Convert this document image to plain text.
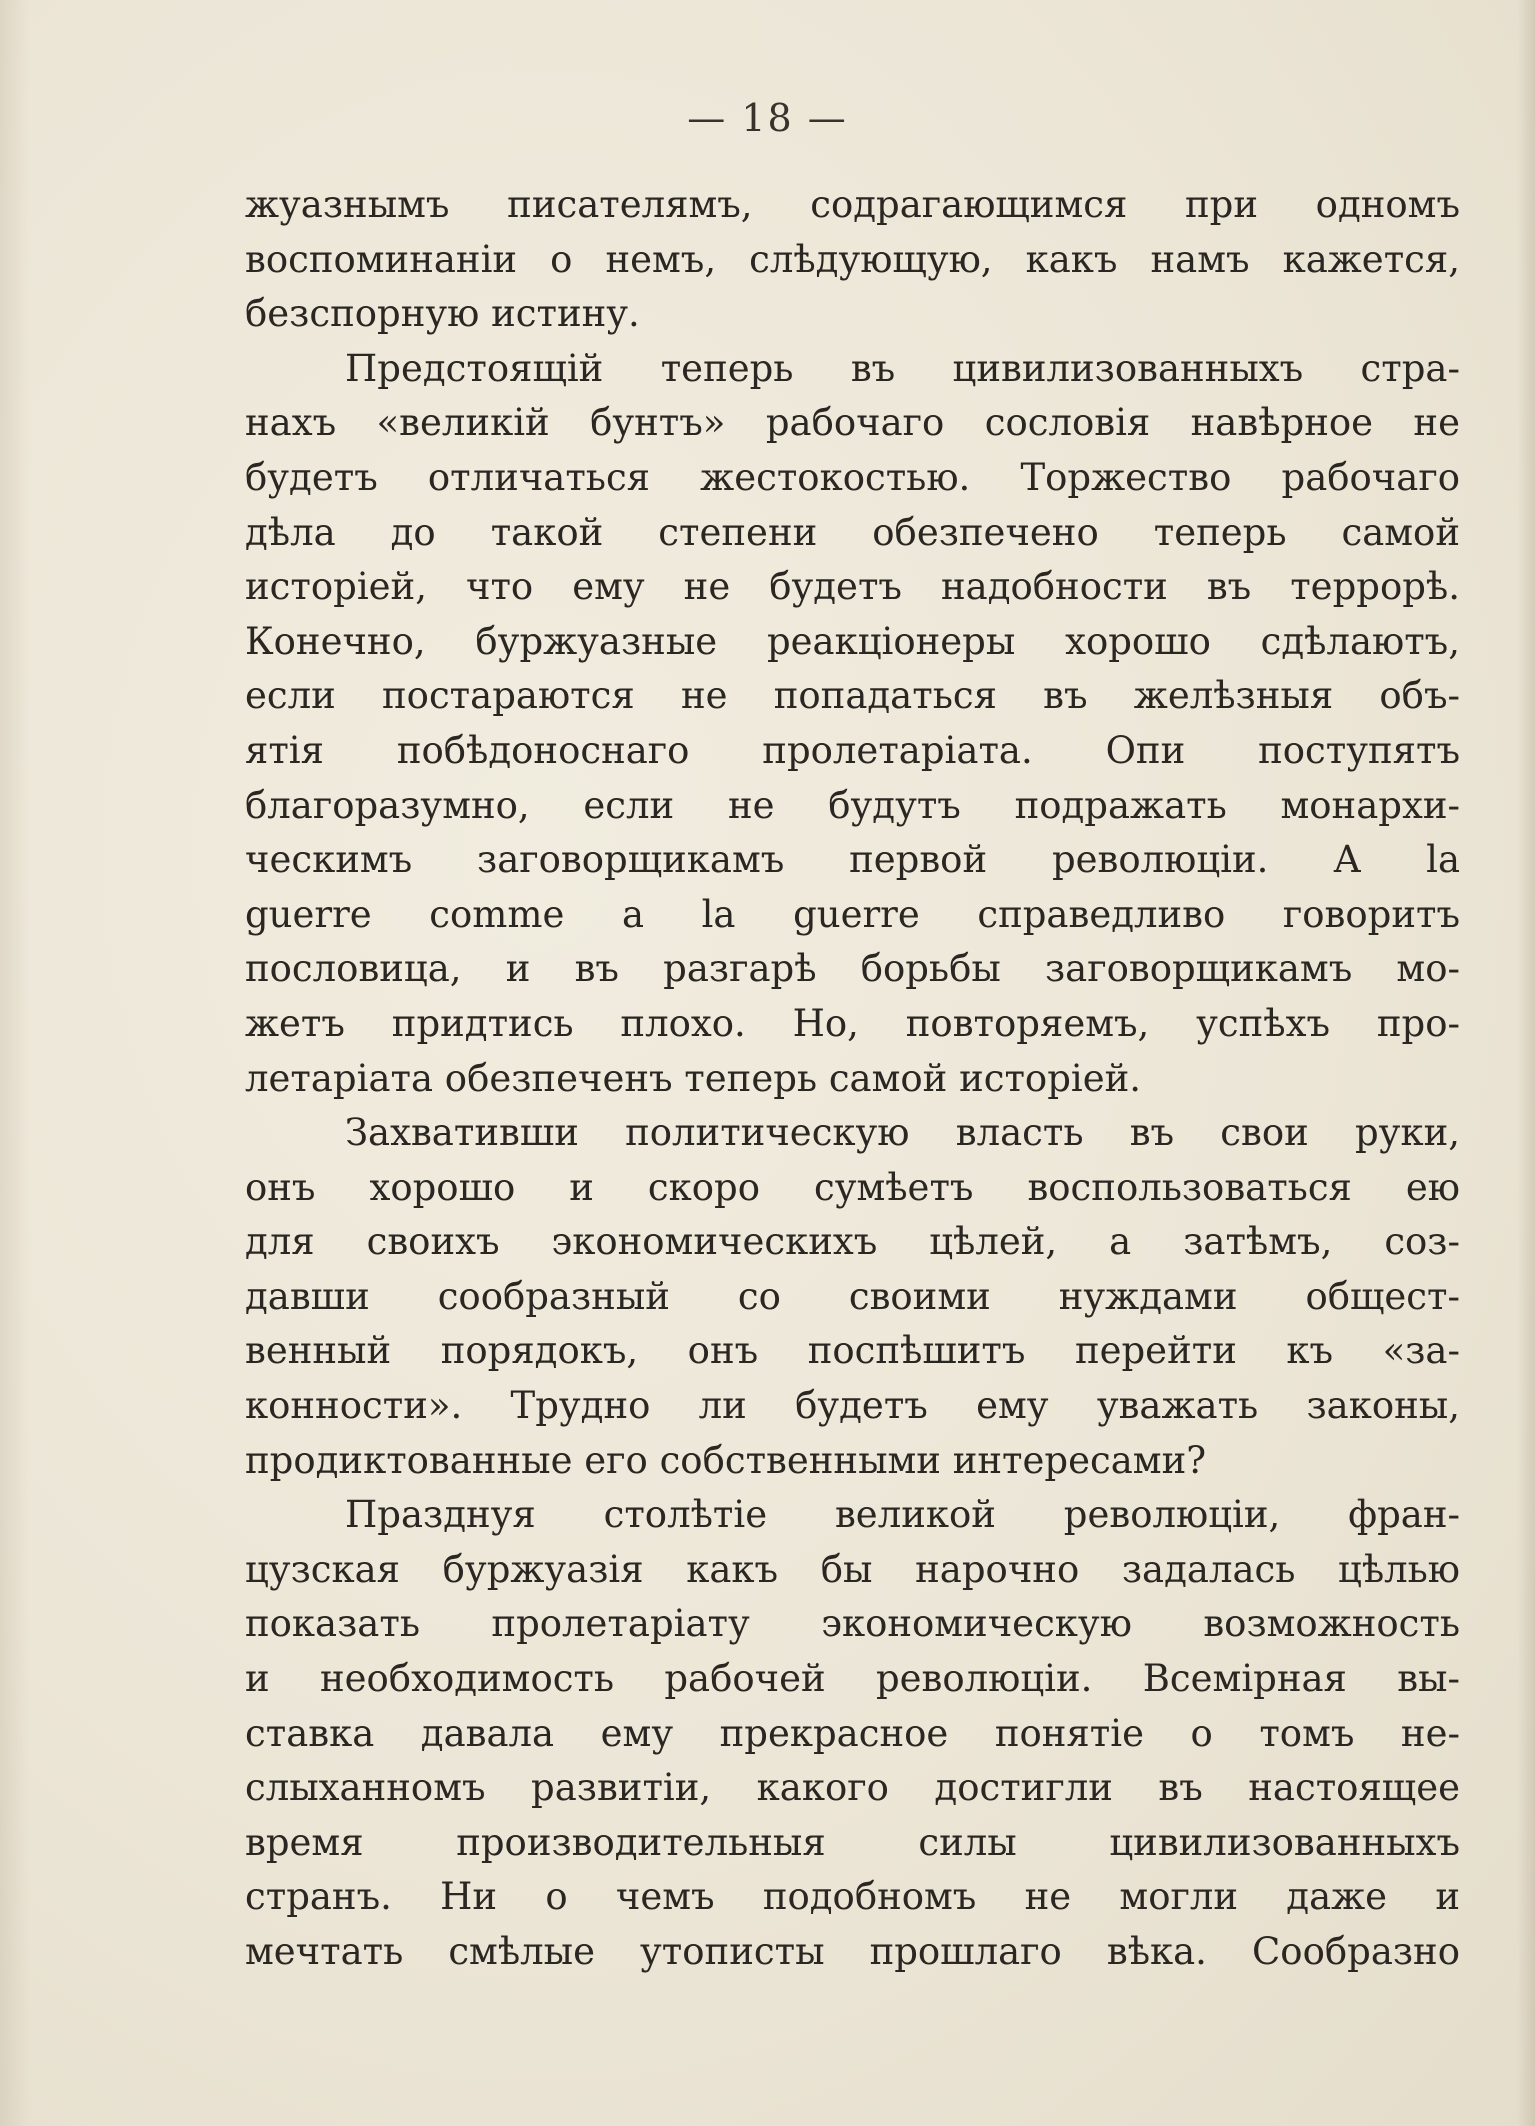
— 18 —
жуазнымъ писателямъ, содрагающимся при одномъ
воспоминанiи о немъ, слѣдующую, какъ намъ кажется,
безспорную истину.
Предстоящiй теперь въ цивилизованныхъ стра-
нахъ «великiй бунтъ» рабочаго сословiя навѣрное не
будетъ отличаться жестокостью. Торжество рабочаго
дѣла до такой степени обезпечено теперь самой
исторiей, что ему не будетъ надобности въ террорѣ.
Конечно, буржуазные реакцiонеры хорошо сдѣлаютъ,
если постараются не попадаться въ желѣзныя объ-
ятiя побѣдоноснаго пролетарiата. Опи поступятъ
благоразумно, если не будутъ подражать монархи-
ческимъ заговорщикамъ первой революцiи. А la
guerre comme a la guerre справедливо говоритъ
пословица, и въ разгарѣ борьбы заговорщикамъ мо-
жетъ придтись плохо. Но, повторяемъ, успѣхъ про-
летарiата обезпеченъ теперь самой исторiей.
Захвативши политическую власть въ свои руки,
онъ хорошо и скоро сумѣетъ воспользоваться ею
для своихъ экономическихъ цѣлей, а затѣмъ, соз-
давши сообразный со своими нуждами общест-
венный порядокъ, онъ поспѣшитъ перейти къ «за-
конности». Трудно ли будетъ ему уважать законы,
продиктованные его собственными интересами?
Празднуя столѣтiе великой революцiи, фран-
цузская буржуазiя какъ бы нарочно задалась цѣлью
показать пролетарiату экономическую возможность
и необходимость рабочей революцiи. Всемiрная вы-
ставка давала ему прекрасное понятiе о томъ не-
слыханномъ развитiи, какого достигли въ настоящее
время производительныя силы цивилизованныхъ
странъ. Ни о чемъ подобномъ не могли даже и
мечтать смѣлые утописты прошлаго вѣка. Сообразно
